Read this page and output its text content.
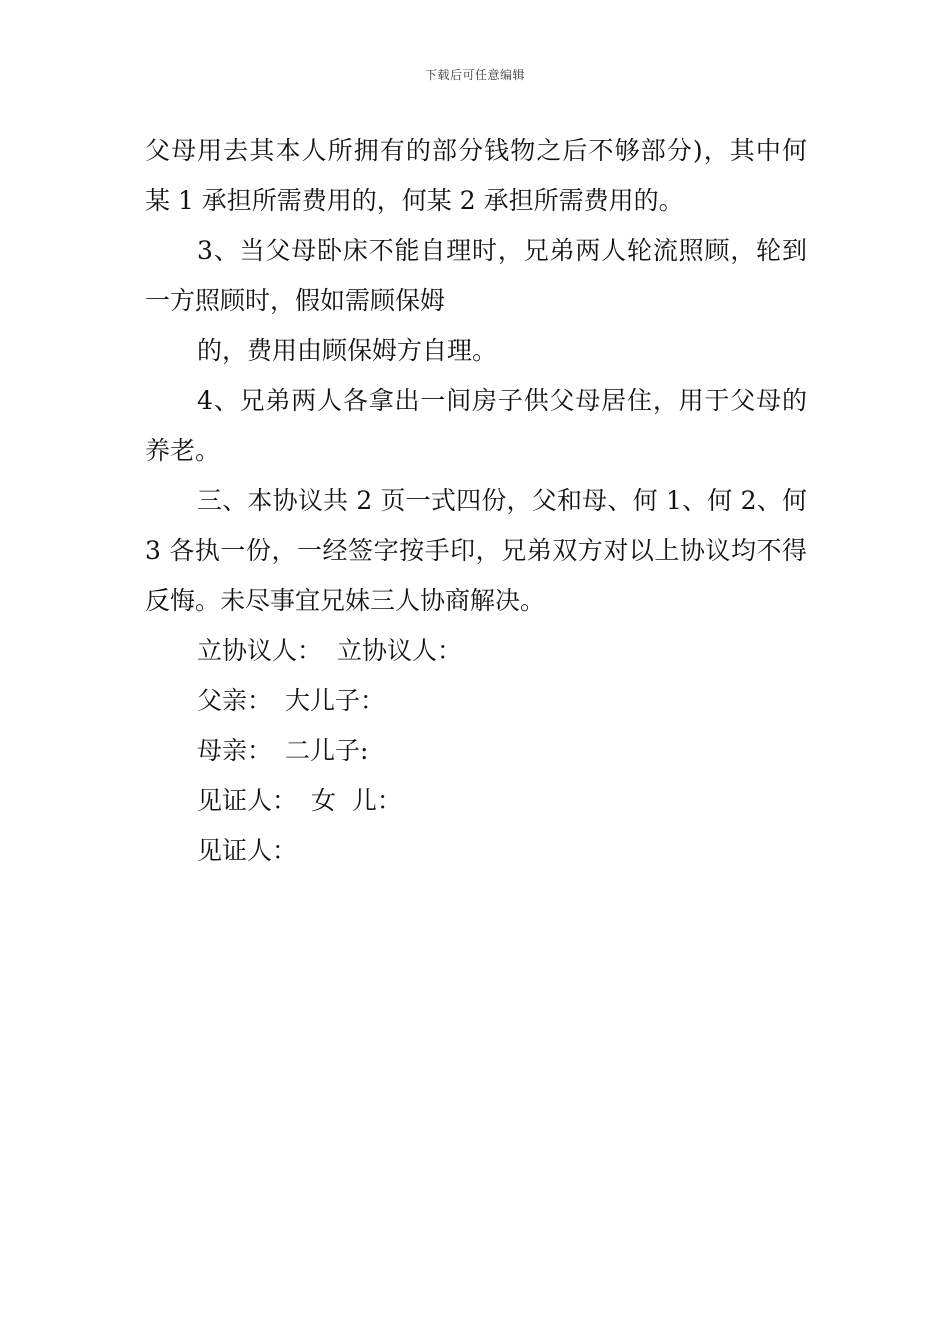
下载后可任意编辑
父母用去其本人所拥有的部分钱物之后不够部分)，其中何
某 1 承担所需费用的，何某 2 承担所需费用的。
3、当父母卧床不能自理时，兄弟两人轮流照顾，轮到
一方照顾时，假如需顾保姆
的，费用由顾保姆方自理。
4、兄弟两人各拿出一间房子供父母居住，用于父母的
养老。
三、本协议共 2 页一式四份，父和母、何 1、何 2、何
3 各执一份，一经签字按手印，兄弟双方对以上协议均不得
反悔。未尽事宜兄妹三人协商解决。
立协议人： 立协议人：
父亲： 大儿子：
母亲： 二儿子:
见证人： 女  儿：
见证人：
